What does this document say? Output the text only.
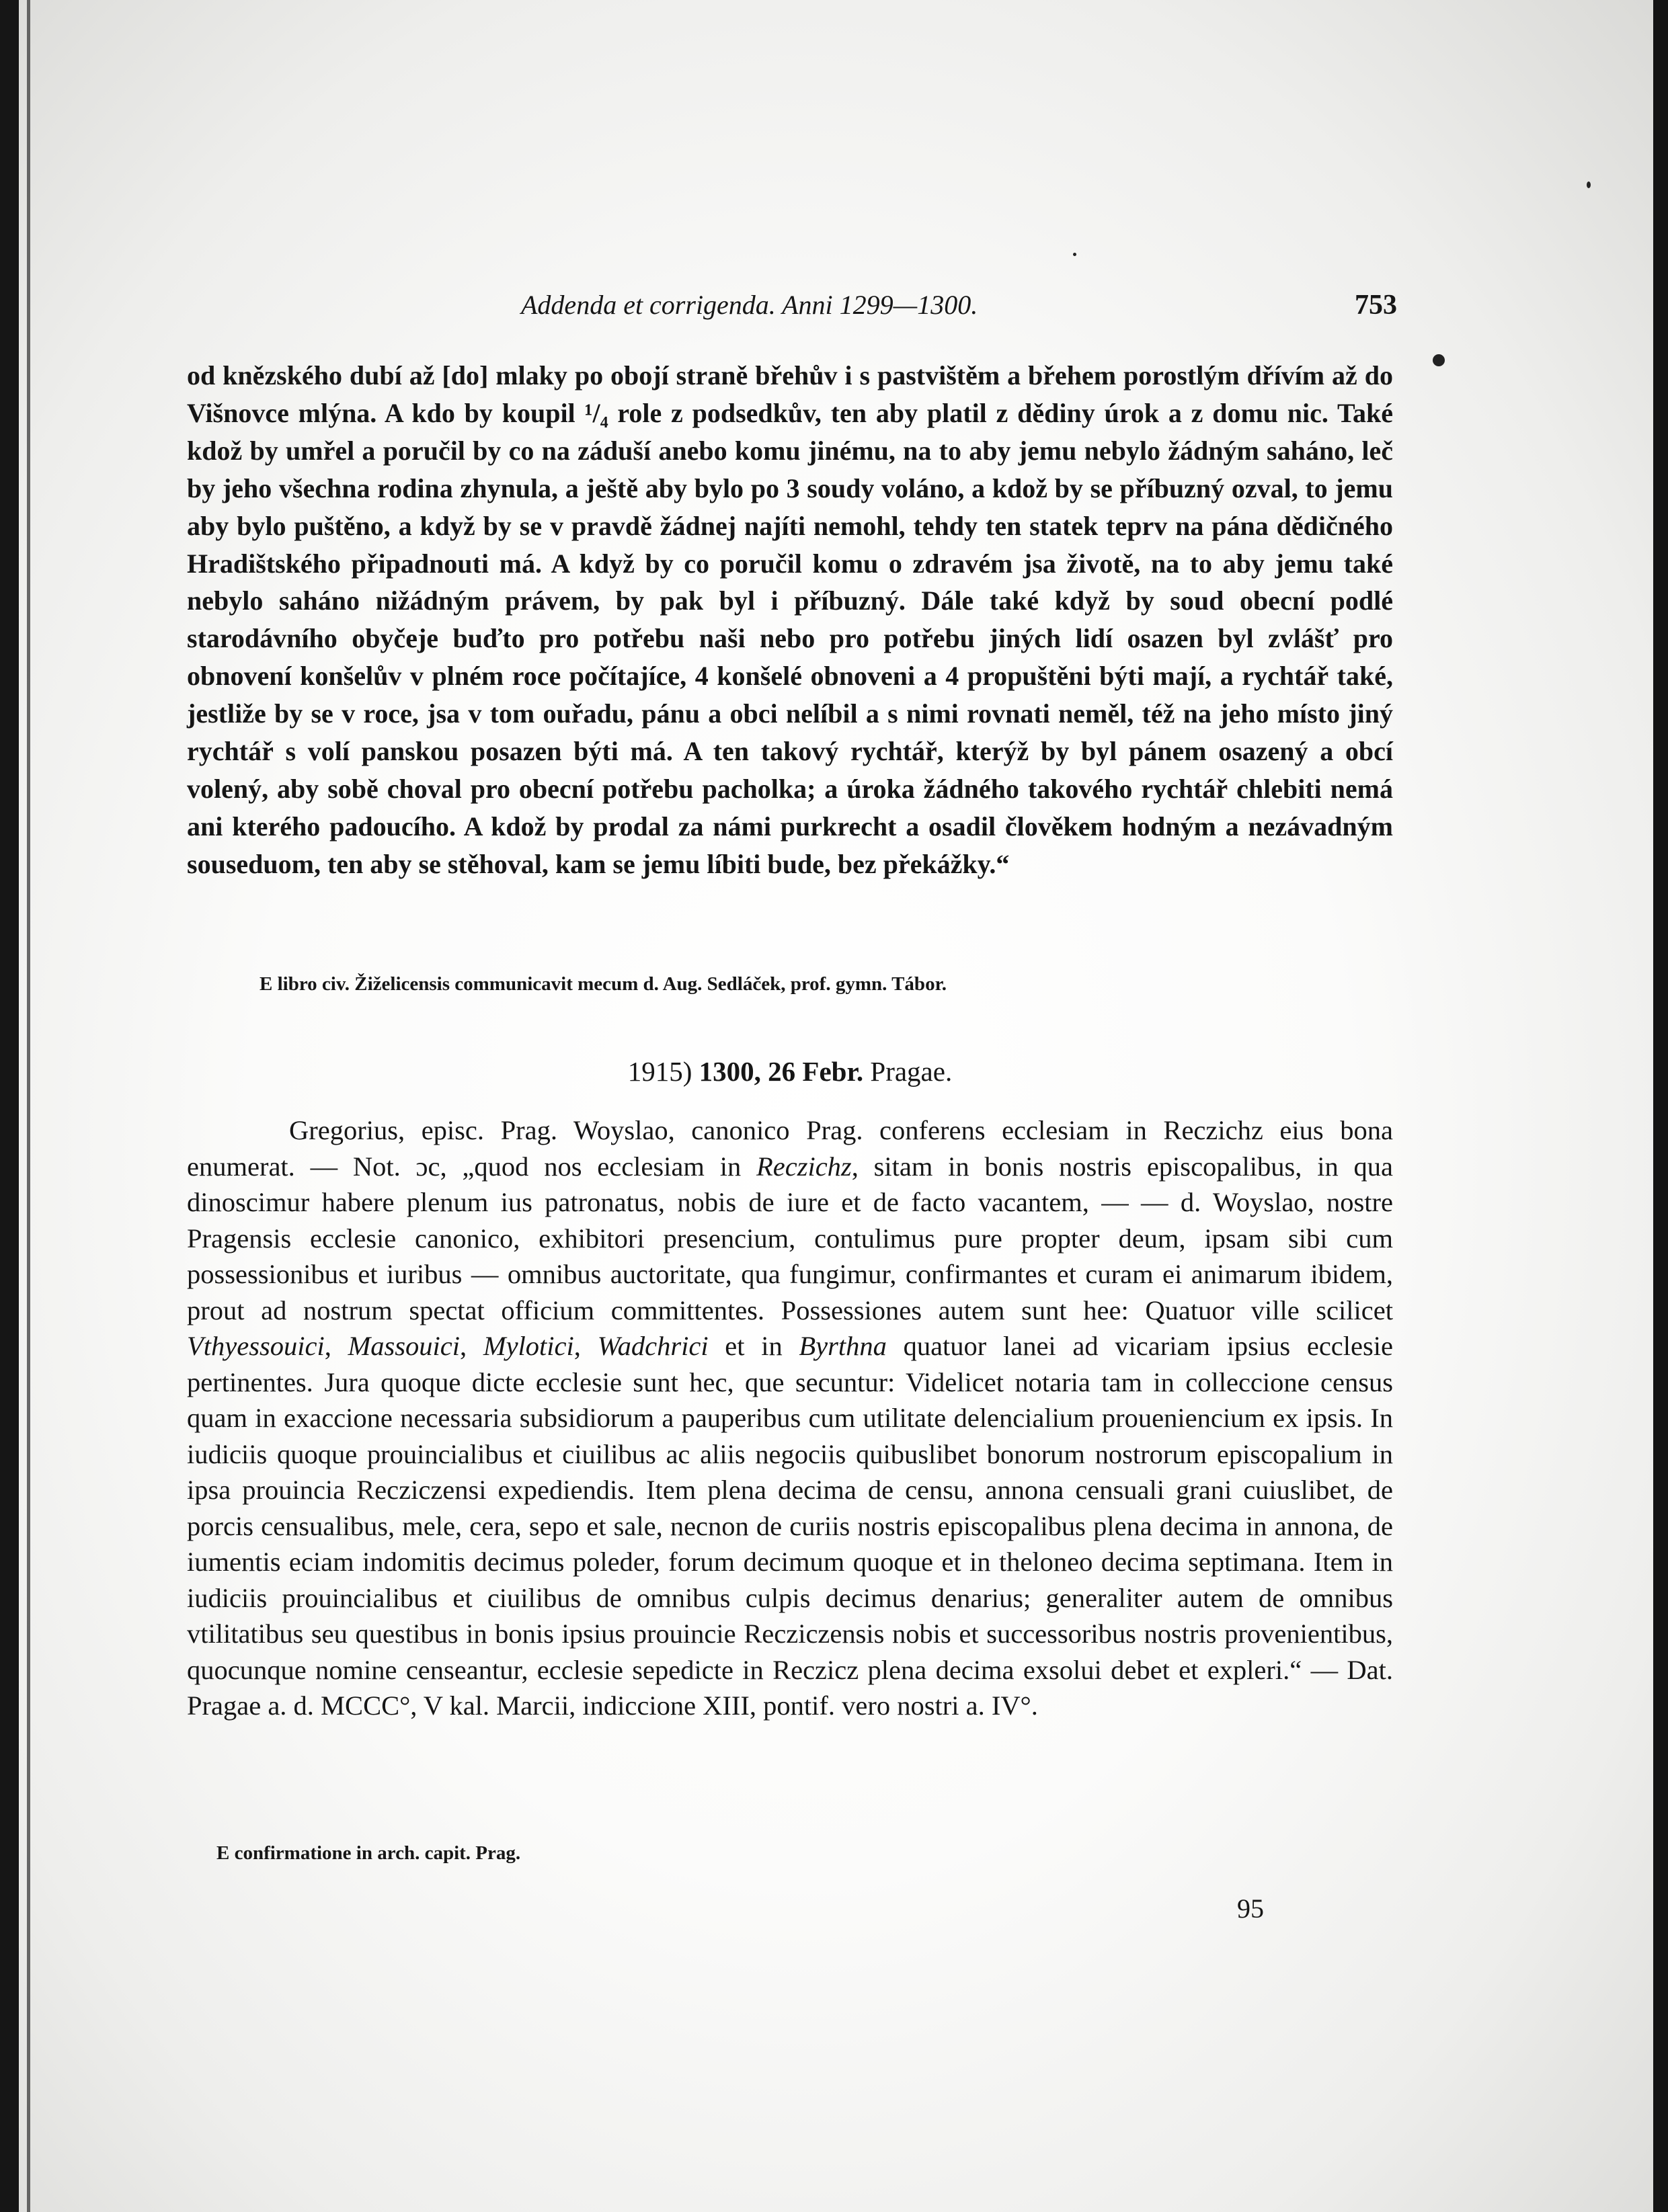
Addenda et corrigenda. Anni 1299—1300.	753
od knězského dubí až [do] mlaky po obojí straně břehův i s pastvištěm a břehem porostlým dřívím až do Višnovce mlýna. A kdo by koupil ¹/₄ role z podsedkův, ten aby platil z dědiny úrok a z domu nic. Také kdož by umřel a poručil by co na záduší anebo komu jinému, na to aby jemu nebylo žádným saháno, leč by jeho všechna rodina zhynula, a ještě aby bylo po 3 soudy voláno, a kdož by se příbuzný ozval, to jemu aby bylo puštěno, a když by se v pravdě žádnej najíti nemohl, tehdy ten statek teprv na pána dědičného Hradištského připadnouti má. A když by co poručil komu o zdravém jsa životě, na to aby jemu také nebylo saháno nižádným právem, by pak byl i příbuzný. Dále také když by soud obecní podlé starodávního obyčeje buďto pro potřebu naši nebo pro potřebu jiných lidí osazen byl zvlášť pro obnovení konšelův v plném roce počítajíce, 4 konšelé obnoveni a 4 propuštěni býti mají, a rychtář také, jestliže by se v roce, jsa v tom ouřadu, pánu a obci nelíbil a s nimi rovnati neměl, též na jeho místo jiný rychtář s volí panskou posazen býti má. A ten takový rychtář, kterýž by byl pánem osazený a obcí volený, aby sobě choval pro obecní potřebu pacholka; a úroka žádného takového rychtář chlebiti nemá ani kterého padoucího. A kdož by prodal za námi purkrecht a osadil člověkem hodným a nezávadným souseduom, ten aby se stěhoval, kam se jemu líbiti bude, bez překážky.“
E libro civ. Žiželicensis communicavit mecum d. Aug. Sedláček, prof. gymn. Tábor.
1915) 1300, 26 Febr. Pragae.

Gregorius, episc. Prag. Woyslao, canonico Prag. conferens ecclesiam in Reczichz eius bona enumerat. — Not. ɔc, „quod nos ecclesiam in Reczichz, sitam in bonis nostris episcopalibus, in qua dinoscimur habere plenum ius patronatus, nobis de iure et de facto vacantem, — — d. Woyslao, nostre Pragensis ecclesie canonico, exhibitori presencium, contulimus pure propter deum, ipsam sibi cum possessionibus et iuribus — omnibus auctoritate, qua fungimur, confirmantes et curam ei animarum ibidem, prout ad nostrum spectat officium committentes. Possessiones autem sunt hee: Quatuor ville scilicet Vthyessouici, Massouici, Mylotici, Wadchrici et in Byrthna quatuor lanei ad vicariam ipsius ecclesie pertinentes. Jura quoque dicte ecclesie sunt hec, que secuntur: Videlicet notaria tam in colleccione census quam in exaccione necessaria subsidiorum a pauperibus cum utilitate delencialium proueniencium ex ipsis. In iudiciis quoque prouincialibus et ciuilibus ac aliis negociis quibuslibet bonorum nostrorum episcopalium in ipsa prouincia Recziczensi expediendis. Item plena decima de censu, annona censuali grani cuiuslibet, de porcis censualibus, mele, cera, sepo et sale, necnon de curiis nostris episcopalibus plena decima in annona, de iumentis eciam indomitis decimus poleder, forum decimum quoque et in theloneo decima septimana. Item in iudiciis prouincialibus et ciuilibus de omnibus culpis decimus denarius; generaliter autem de omnibus vtilitatibus seu questibus in bonis ipsius prouincie Recziczensis nobis et successoribus nostris provenientibus, quocunque nomine censeantur, ecclesie sepedicte in Reczicz plena decima exsolui debet et expleri.“ — Dat. Pragae a. d. MCCC°, V kal. Marcii, indiccione XIII, pontif. vero nostri a. IV°.

E confirmatione in arch. capit. Prag.
95
